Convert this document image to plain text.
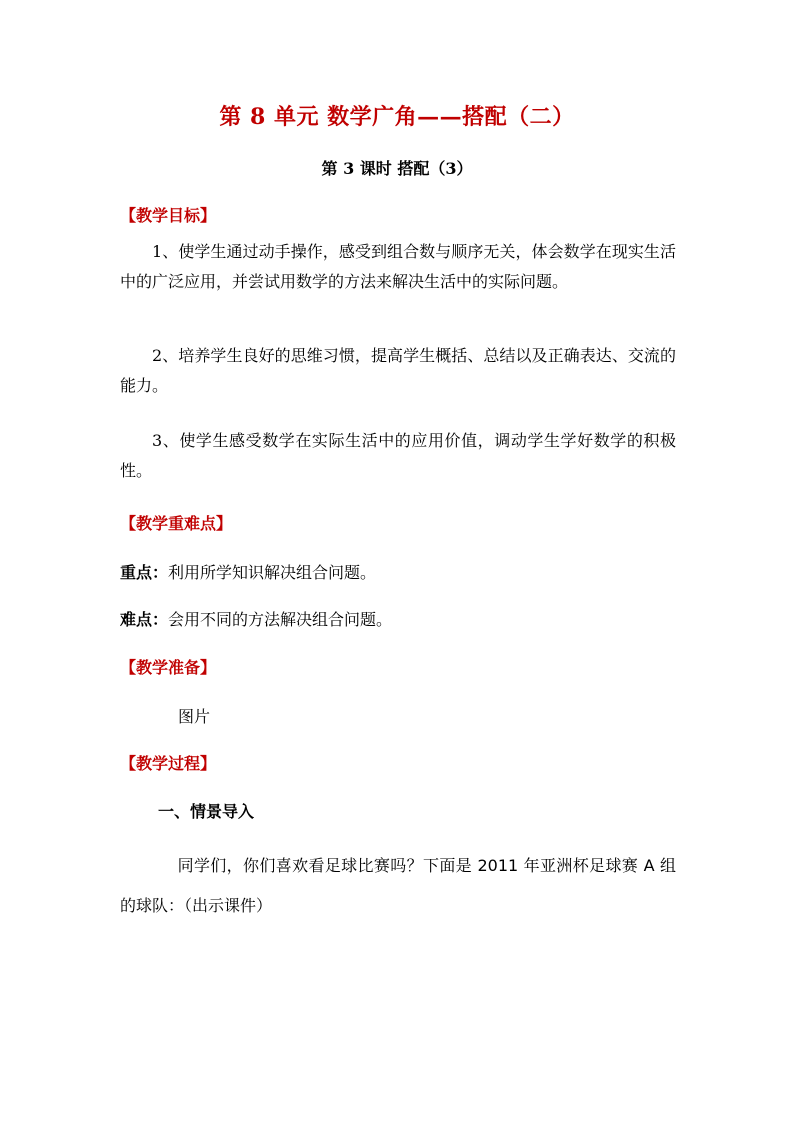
第 8 单元 数学广角——搭配（二）
第 3 课时 搭配（3）
【教学目标】
1、使学生通过动手操作，感受到组合数与顺序无关，体会数学在现实生活中的广泛应用，并尝试用数学的方法来解决生活中的实际问题。
2、培养学生良好的思维习惯，提高学生概括、总结以及正确表达、交流的能力。
3、使学生感受数学在实际生活中的应用价值，调动学生学好数学的积极性。
【教学重难点】
重点：利用所学知识解决组合问题。
难点：会用不同的方法解决组合问题。
【教学准备】
图片
【教学过程】
一、情景导入
同学们，你们喜欢看足球比赛吗？下面是 2011 年亚洲杯足球赛 A 组的球队：（出示课件）
